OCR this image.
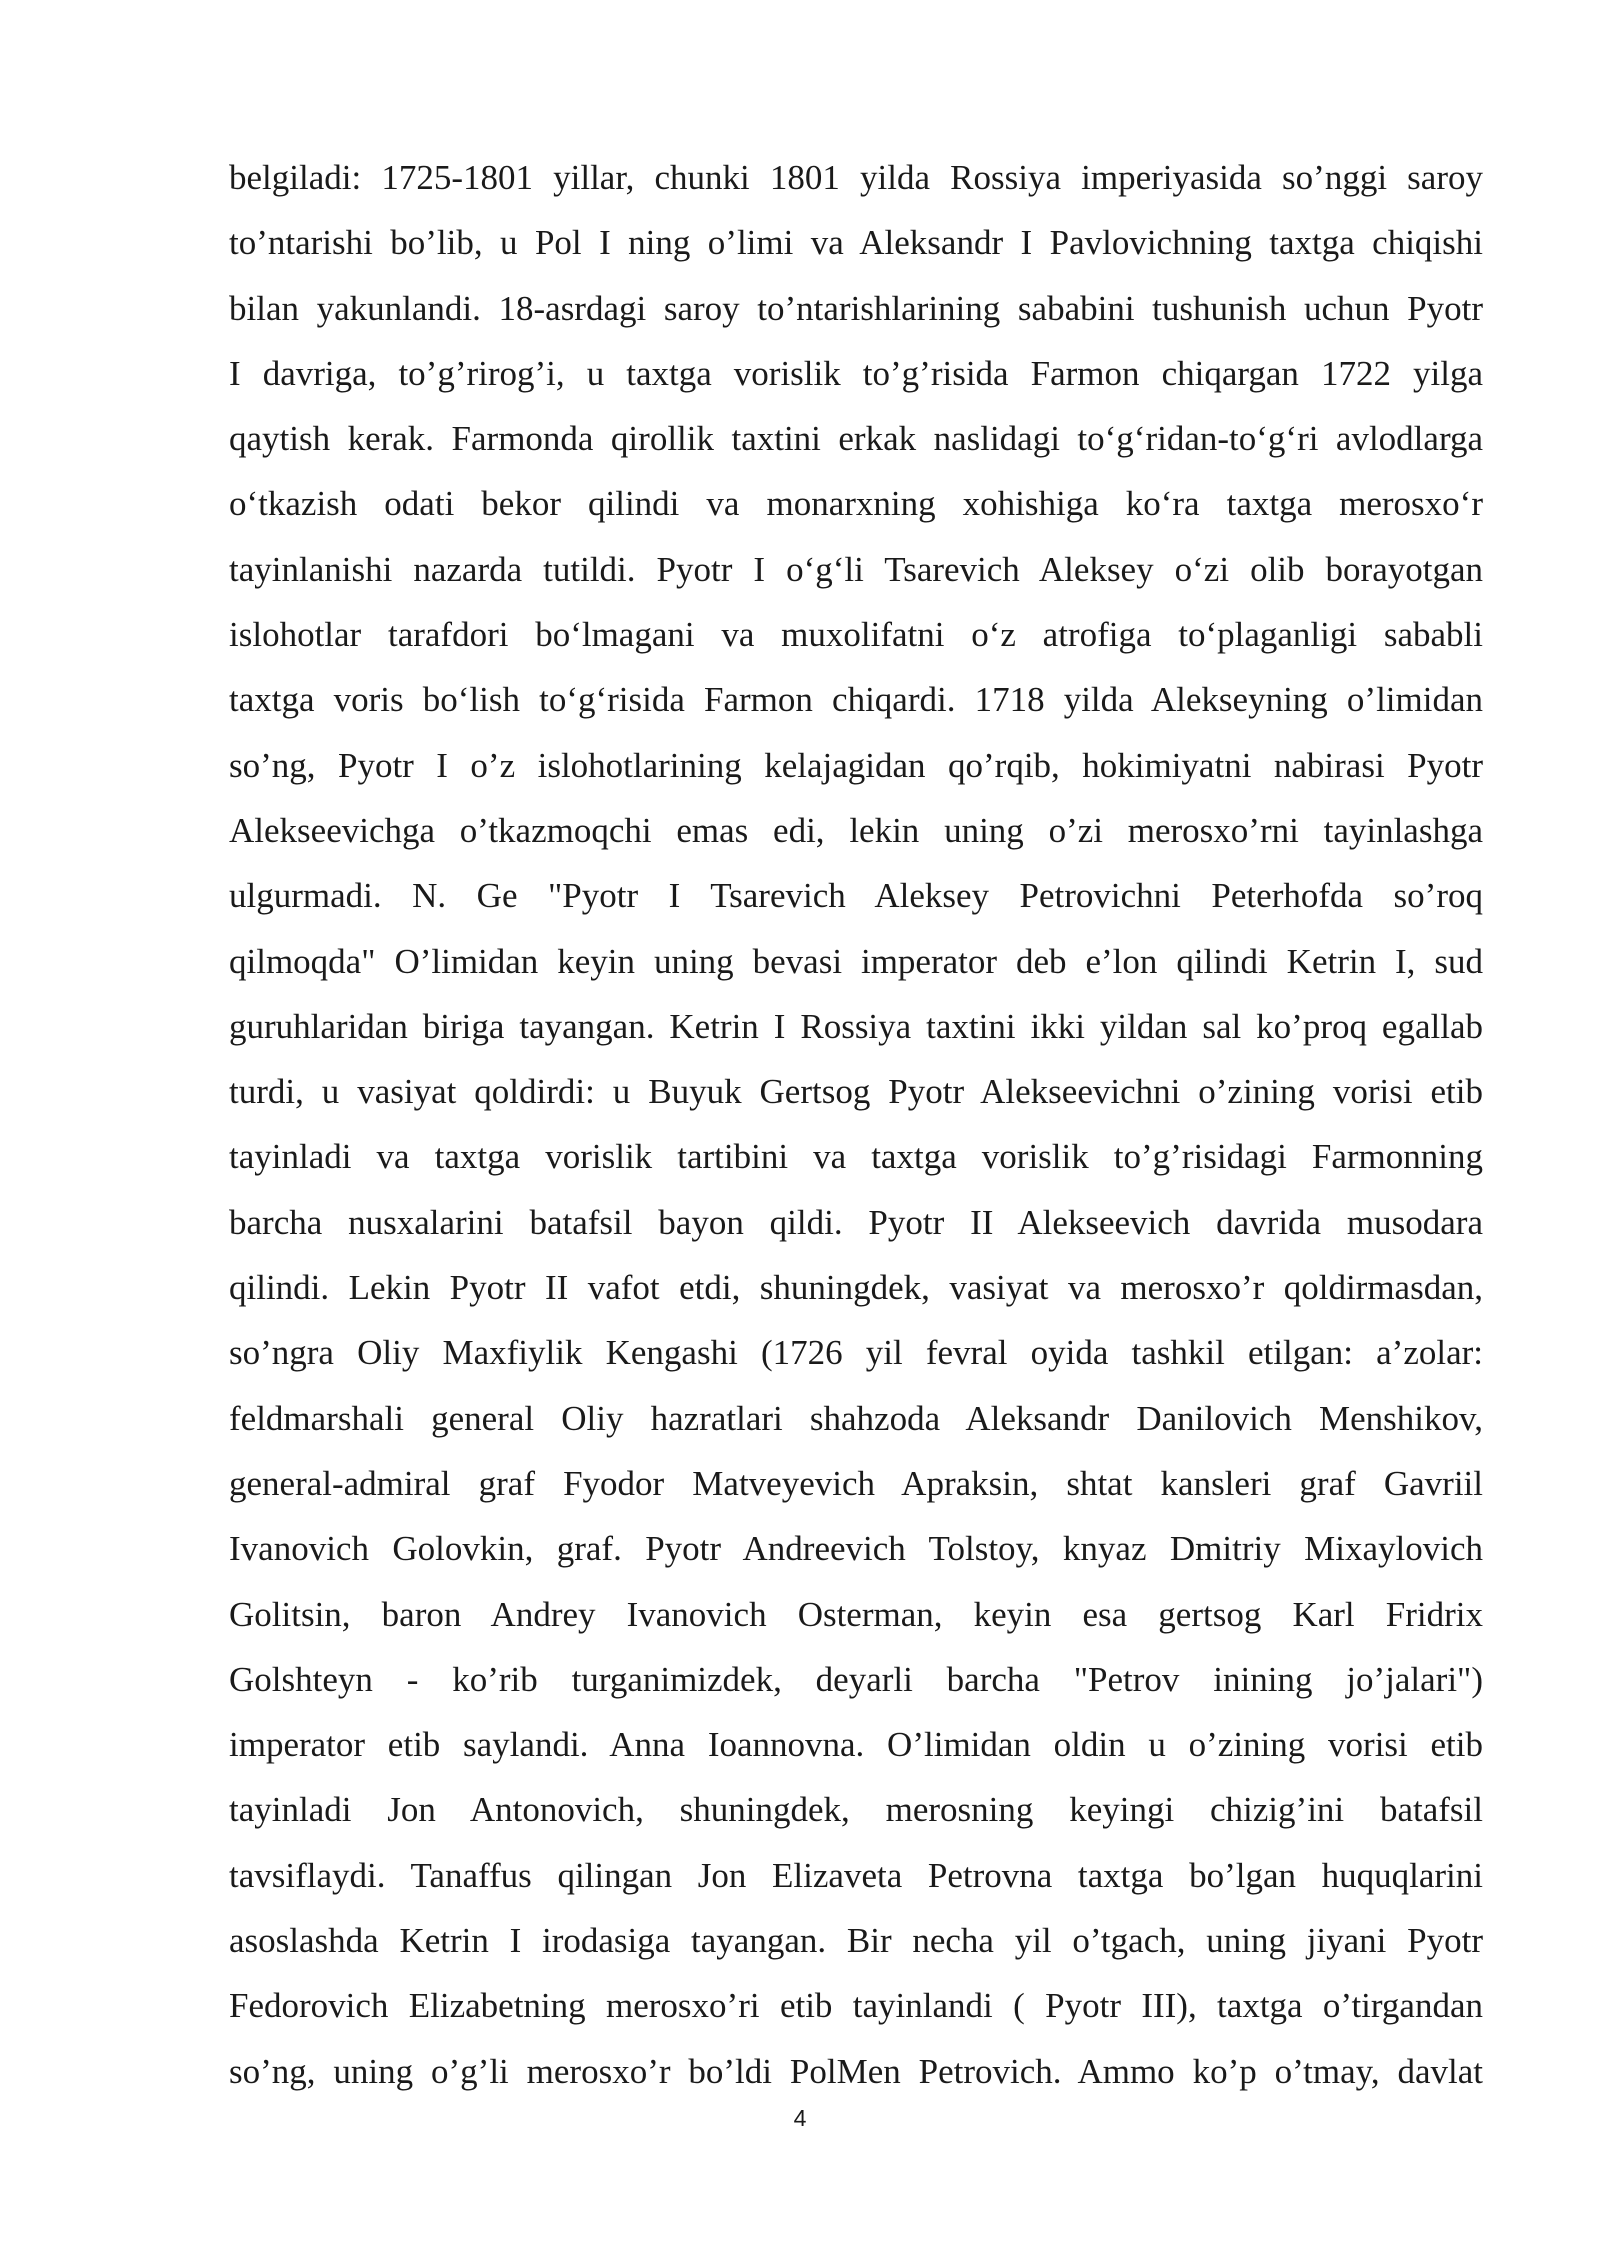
belgiladi: 1725-1801 yillar, chunki 1801 yilda Rossiya imperiyasida so’nggi saroy
to’ntarishi bo’lib, u Pol I ning o’limi va Aleksandr I Pavlovichning taxtga chiqishi
bilan yakunlandi. 18-asrdagi saroy to’ntarishlarining sababini tushunish uchun Pyotr
I davriga, to’g’rirog’i, u taxtga vorislik to’g’risida Farmon chiqargan 1722 yilga
qaytish kerak. Farmonda qirollik taxtini erkak naslidagi to‘g‘ridan-to‘g‘ri avlodlarga
o‘tkazish odati bekor qilindi va monarxning xohishiga ko‘ra taxtga merosxo‘r
tayinlanishi nazarda tutildi. Pyotr I o‘g‘li Tsarevich Aleksey o‘zi olib borayotgan
islohotlar tarafdori bo‘lmagani va muxolifatni o‘z atrofiga to‘plaganligi sababli
taxtga voris bo‘lish to‘g‘risida Farmon chiqardi. 1718 yilda Alekseyning o’limidan
so’ng, Pyotr I o’z islohotlarining kelajagidan qo’rqib, hokimiyatni nabirasi Pyotr
Alekseevichga o’tkazmoqchi emas edi, lekin uning o’zi merosxo’rni tayinlashga
ulgurmadi. N. Ge "Pyotr I Tsarevich Aleksey Petrovichni Peterhofda so’roq
qilmoqda" O’limidan keyin uning bevasi imperator deb e’lon qilindi Ketrin I, sud
guruhlaridan biriga tayangan. Ketrin I Rossiya taxtini ikki yildan sal ko’proq egallab
turdi, u vasiyat qoldirdi: u Buyuk Gertsog Pyotr Alekseevichni o’zining vorisi etib
tayinladi va taxtga vorislik tartibini va taxtga vorislik to’g’risidagi Farmonning
barcha nusxalarini batafsil bayon qildi. Pyotr II Alekseevich davrida musodara
qilindi. Lekin Pyotr II vafot etdi, shuningdek, vasiyat va merosxo’r qoldirmasdan,
so’ngra Oliy Maxfiylik Kengashi (1726 yil fevral oyida tashkil etilgan: a’zolar:
feldmarshali general Oliy hazratlari shahzoda Aleksandr Danilovich Menshikov,
general-admiral graf Fyodor Matveyevich Apraksin, shtat kansleri graf Gavriil
Ivanovich Golovkin, graf. Pyotr Andreevich Tolstoy, knyaz Dmitriy Mixaylovich
Golitsin, baron Andrey Ivanovich Osterman, keyin esa gertsog Karl Fridrix
Golshteyn - ko’rib turganimizdek, deyarli barcha "Petrov inining jo’jalari")
imperator etib saylandi. Anna Ioannovna. O’limidan oldin u o’zining vorisi etib
tayinladi Jon Antonovich, shuningdek, merosning keyingi chizig’ini batafsil
tavsiflaydi. Tanaffus qilingan Jon Elizaveta Petrovna taxtga bo’lgan huquqlarini
asoslashda Ketrin I irodasiga tayangan. Bir necha yil o’tgach, uning jiyani Pyotr
Fedorovich Elizabetning merosxo’ri etib tayinlandi ( Pyotr III), taxtga o’tirgandan
so’ng, uning o’g’li merosxo’r bo’ldi PolMen Petrovich. Ammo ko’p o’tmay, davlat
4
